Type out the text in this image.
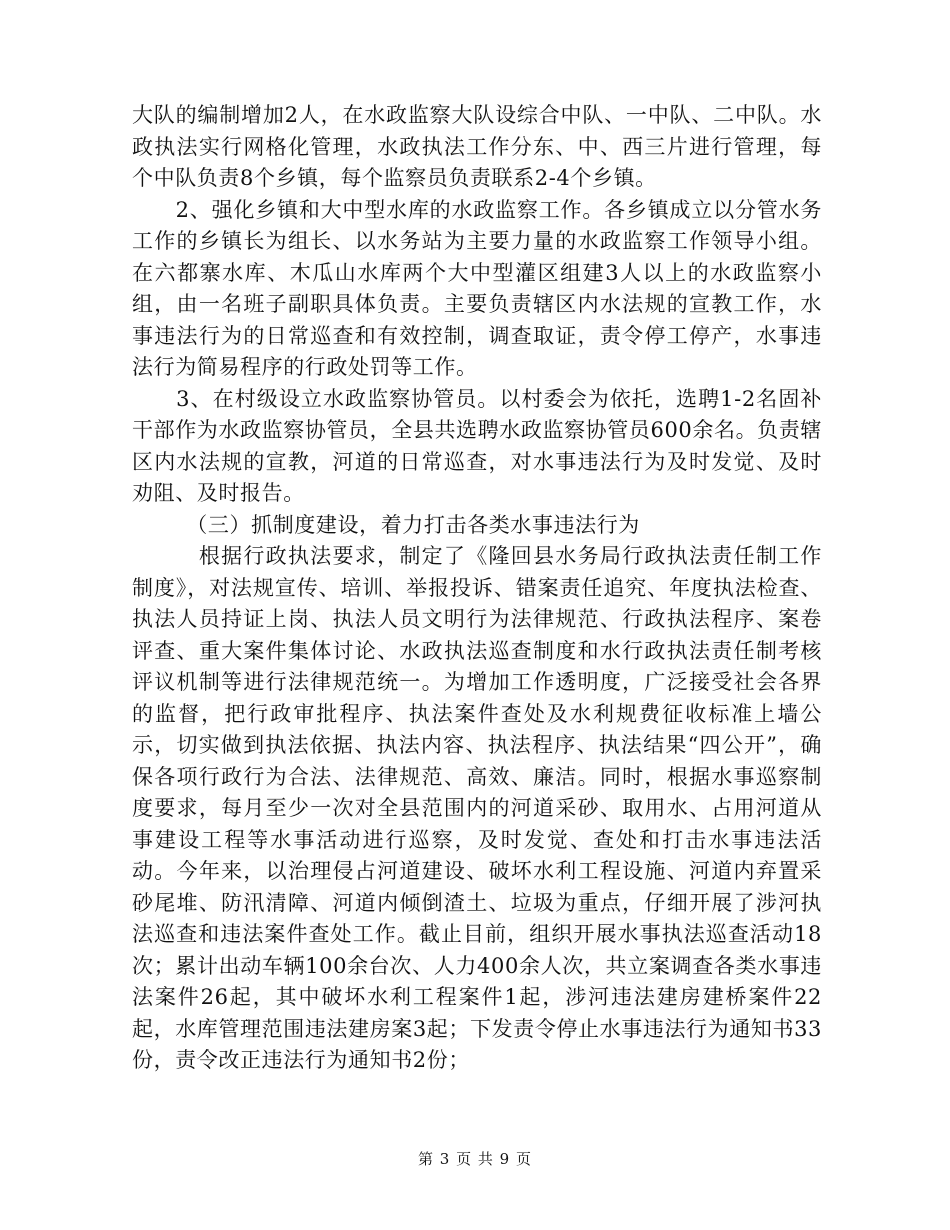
大队的编制增加2人，在水政监察大队设综合中队、一中队、二中队。水政执法实行网格化管理，水政执法工作分东、中、西三片进行管理，每个中队负责8个乡镇，每个监察员负责联系2-4个乡镇。

　　2、强化乡镇和大中型水库的水政监察工作。各乡镇成立以分管水务工作的乡镇长为组长、以水务站为主要力量的水政监察工作领导小组。在六都寨水库、木瓜山水库两个大中型灌区组建3人以上的水政监察小组，由一名班子副职具体负责。主要负责辖区内水法规的宣教工作，水事违法行为的日常巡查和有效控制，调查取证，责令停工停产，水事违法行为简易程序的行政处罚等工作。

　　3、在村级设立水政监察协管员。以村委会为依托，选聘1-2名固补干部作为水政监察协管员，全县共选聘水政监察协管员600余名。负责辖区内水法规的宣教，河道的日常巡查，对水事违法行为及时发觉、及时劝阻、及时报告。

　　　（三）抓制度建设，着力打击各类水事违法行为

　　　根据行政执法要求，制定了《隆回县水务局行政执法责任制工作制度》，对法规宣传、培训、举报投诉、错案责任追究、年度执法检查、执法人员持证上岗、执法人员文明行为法律规范、行政执法程序、案卷评查、重大案件集体讨论、水政执法巡查制度和水行政执法责任制考核评议机制等进行法律规范统一。为增加工作透明度，广泛接受社会各界的监督，把行政审批程序、执法案件查处及水利规费征收标准上墙公示，切实做到执法依据、执法内容、执法程序、执法结果“四公开”，确保各项行政行为合法、法律规范、高效、廉洁。同时，根据水事巡察制度要求，每月至少一次对全县范围内的河道采砂、取用水、占用河道从事建设工程等水事活动进行巡察，及时发觉、查处和打击水事违法活动。今年来，以治理侵占河道建设、破坏水利工程设施、河道内弃置采砂尾堆、防汛清障、河道内倾倒渣土、垃圾为重点，仔细开展了涉河执法巡查和违法案件查处工作。截止目前，组织开展水事执法巡查活动18次；累计出动车辆100余台次、人力400余人次，共立案调查各类水事违法案件26起，其中破坏水利工程案件1起，涉河违法建房建桥案件22起，水库管理范围违法建房案3起；下发责令停止水事违法行为通知书33份，责令改正违法行为通知书2份；

第 3 页 共 9 页
